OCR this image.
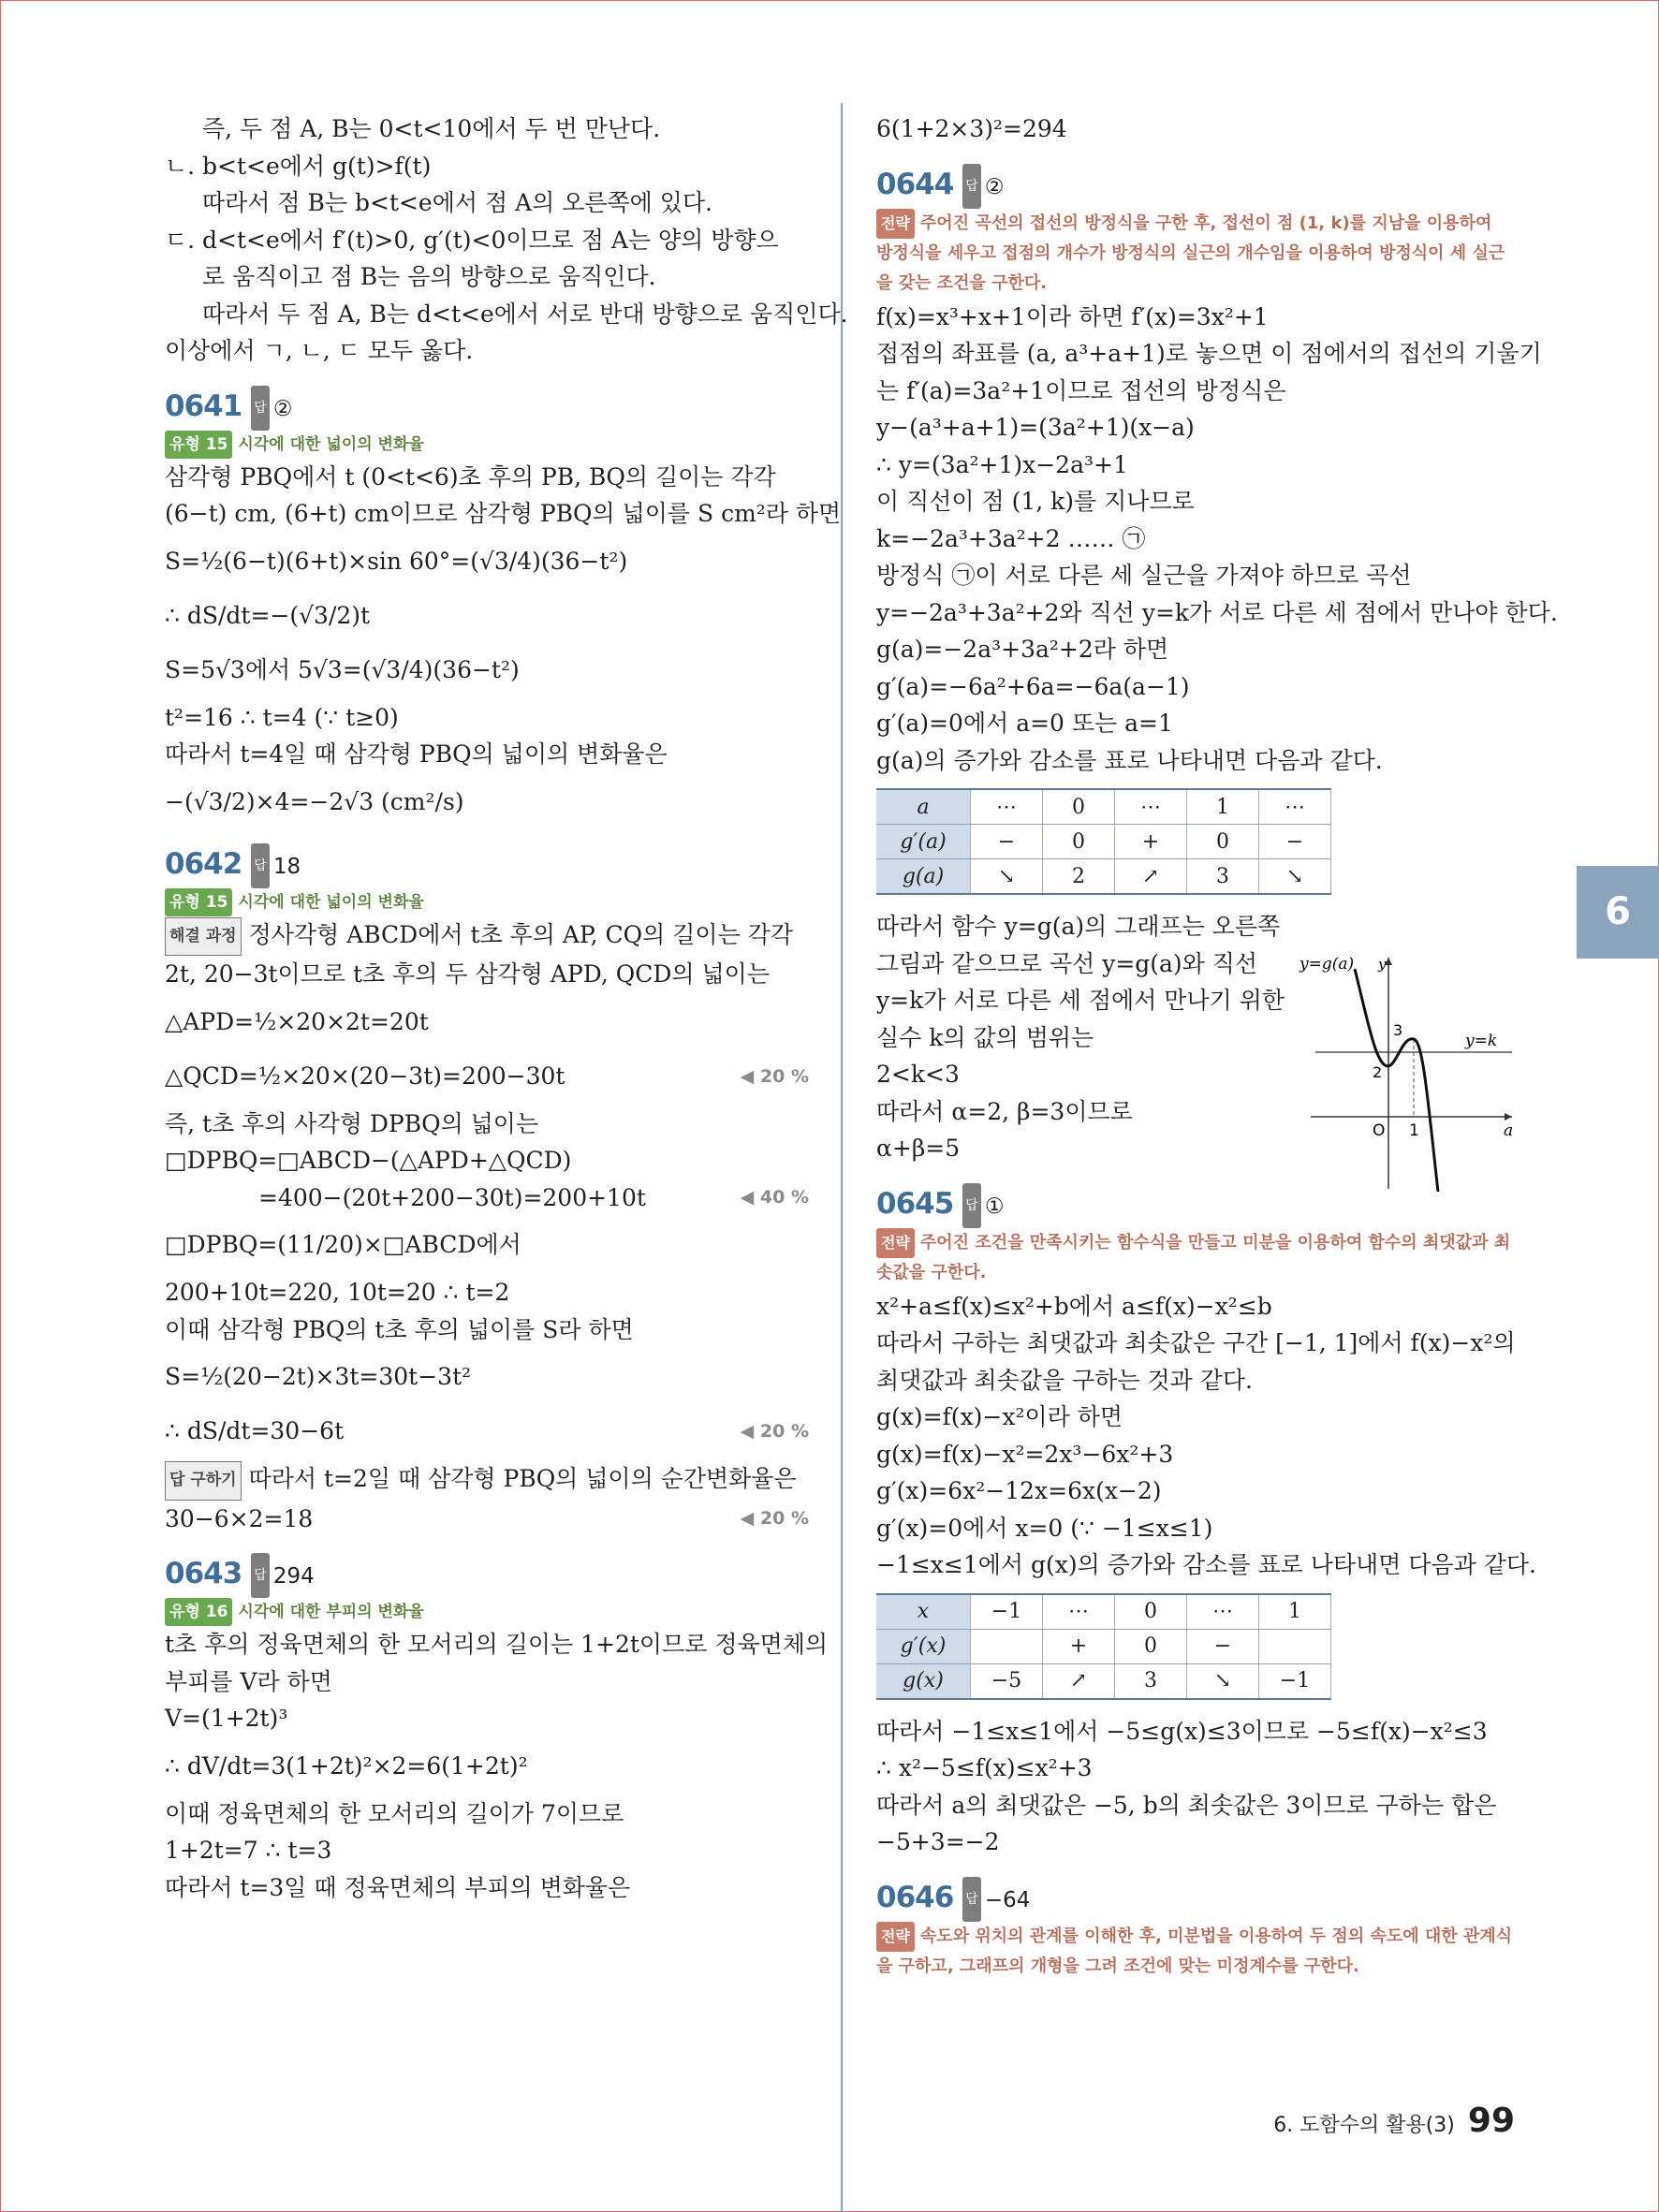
즉, 두 점 A, B는 0<t<10에서 두 번 만난다.
ㄴ. b<t<e에서 g(t)>f(t)
따라서 점 B는 b<t<e에서 점 A의 오른쪽에 있다.
ㄷ. d<t<e에서 f′(t)>0, g′(t)<0이므로 점 A는 양의 방향으
로 움직이고 점 B는 음의 방향으로 움직인다.
따라서 두 점 A, B는 d<t<e에서 서로 반대 방향으로 움직인다.
이상에서 ㄱ, ㄴ, ㄷ 모두 옳다.
0641 답 ②
유형 15 시각에 대한 넓이의 변화율
삼각형 PBQ에서 t (0<t<6)초 후의 PB, BQ의 길이는 각각
(6−t) cm, (6+t) cm이므로 삼각형 PBQ의 넓이를 S cm²라 하면
S=½(6−t)(6+t)×sin 60°=(√3/4)(36−t²)
∴ dS/dt=−(√3/2)t
S=5√3에서 5√3=(√3/4)(36−t²)
t²=16 ∴ t=4 (∵ t≥0)
따라서 t=4일 때 삼각형 PBQ의 넓이의 변화율은
−(√3/2)×4=−2√3 (cm²/s)
0642 답 18
유형 15 시각에 대한 넓이의 변화율
해결 과정 정사각형 ABCD에서 t초 후의 AP, CQ의 길이는 각각
2t, 20−3t이므로 t초 후의 두 삼각형 APD, QCD의 넓이는
△APD=½×20×2t=20t
△QCD=½×20×(20−3t)=200−30t	◀ 20 %
즉, t초 후의 사각형 DPBQ의 넓이는
□DPBQ=□ABCD−(△APD+△QCD)
=400−(20t+200−30t)=200+10t	◀ 40 %
□DPBQ=(11/20)×□ABCD에서
200+10t=220, 10t=20 ∴ t=2
이때 삼각형 PBQ의 t초 후의 넓이를 S라 하면
S=½(20−2t)×3t=30t−3t²
∴ dS/dt=30−6t	◀ 20 %
답 구하기 따라서 t=2일 때 삼각형 PBQ의 넓이의 순간변화율은
30−6×2=18	◀ 20 %
0643 답 294
유형 16 시각에 대한 부피의 변화율
t초 후의 정육면체의 한 모서리의 길이는 1+2t이므로 정육면체의
부피를 V라 하면
V=(1+2t)³
∴ dV/dt=3(1+2t)²×2=6(1+2t)²
이때 정육면체의 한 모서리의 길이가 7이므로
1+2t=7 ∴ t=3
따라서 t=3일 때 정육면체의 부피의 변화율은
6(1+2×3)²=294
0644 답 ②
전략 주어진 곡선의 접선의 방정식을 구한 후, 접선이 점 (1, k)를 지남을 이용하여 방정식을 세우고 접점의 개수가 방정식의 실근의 개수임을 이용하여 방정식이 세 실근을 갖는 조건을 구한다.
f(x)=x³+x+1이라 하면 f′(x)=3x²+1
접점의 좌표를 (a, a³+a+1)로 놓으면 이 점에서의 접선의 기울기
는 f′(a)=3a²+1이므로 접선의 방정식은
y−(a³+a+1)=(3a²+1)(x−a)
∴ y=(3a²+1)x−2a³+1
이 직선이 점 (1, k)를 지나므로
k=−2a³+3a²+2 …… ㉠
방정식 ㉠이 서로 다른 세 실근을 가져야 하므로 곡선
y=−2a³+3a²+2와 직선 y=k가 서로 다른 세 점에서 만나야 한다.
g(a)=−2a³+3a²+2라 하면
g′(a)=−6a²+6a=−6a(a−1)
g′(a)=0에서 a=0 또는 a=1
g(a)의 증가와 감소를 표로 나타내면 다음과 같다.
a	⋯	0	⋯	1	⋯
g′(a)	−	0	+	0	−
g(a)	↘	2	↗	3	↘
따라서 함수 y=g(a)의 그래프는 오른쪽
그림과 같으므로 곡선 y=g(a)와 직선
y=k가 서로 다른 세 점에서 만나기 위한
실수 k의 값의 범위는
2<k<3
따라서 α=2, β=3이므로
α+β=5
0645 답 ①
전략 주어진 조건을 만족시키는 함수식을 만들고 미분을 이용하여 함수의 최댓값과 최솟값을 구한다.
x²+a≤f(x)≤x²+b에서 a≤f(x)−x²≤b
따라서 구하는 최댓값과 최솟값은 구간 [−1, 1]에서 f(x)−x²의
최댓값과 최솟값을 구하는 것과 같다.
g(x)=f(x)−x²이라 하면
g(x)=f(x)−x²=2x³−6x²+3
g′(x)=6x²−12x=6x(x−2)
g′(x)=0에서 x=0 (∵ −1≤x≤1)
−1≤x≤1에서 g(x)의 증가와 감소를 표로 나타내면 다음과 같다.
x	−1	⋯	0	⋯	1
g′(x)		+	0	−	
g(x)	−5	↗	3	↘	−1
따라서 −1≤x≤1에서 −5≤g(x)≤3이므로 −5≤f(x)−x²≤3
∴ x²−5≤f(x)≤x²+3
따라서 a의 최댓값은 −5, b의 최솟값은 3이므로 구하는 합은
−5+3=−2
0646 답 −64
전략 속도와 위치의 관계를 이해한 후, 미분법을 이용하여 두 점의 속도에 대한 관계식을 구하고, 그래프의 개형을 그려 조건에 맞는 미정계수를 구한다.
y=g(a) y
y=k
3
2
O 1	a
6
6. 도함수의 활용(3) 99
